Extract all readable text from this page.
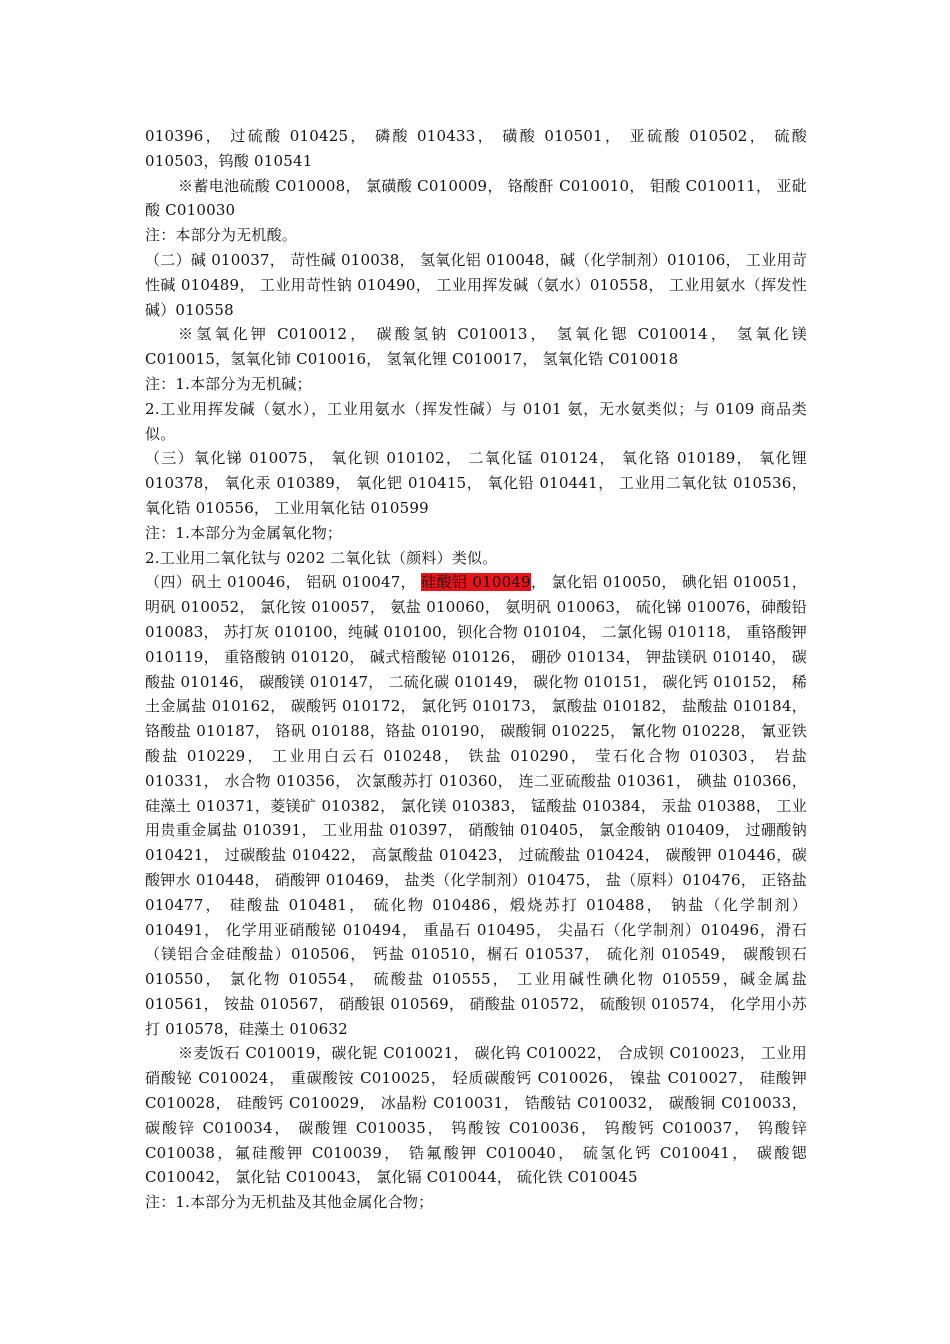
010396， 过硫酸 010425， 磷酸 010433， 磺酸 010501， 亚硫酸 010502， 硫酸 010503，钨酸 010541

※蓄电池硫酸 C010008， 氯磺酸 C010009， 铬酸酐 C010010， 钼酸 C010011， 亚砒酸 C010030

注：本部分为无机酸。

（二）碱 010037， 苛性碱 010038， 氢氧化铝 010048，碱（化学制剂）010106， 工业用苛性碱 010489， 工业用苛性钠 010490， 工业用挥发碱（氨水）010558， 工业用氨水（挥发性碱）010558

※氢氧化钾 C010012， 碳酸氢钠 C010013， 氢氧化锶 C010014， 氢氧化镁 C010015，氢氧化铈 C010016， 氢氧化锂 C010017， 氢氧化锆 C010018

注：1.本部分为无机碱；

2.工业用挥发碱（氨水），工业用氨水（挥发性碱）与 0101 氨，无水氨类似；与 0109 商品类似。

（三）氧化锑 010075， 氧化钡 010102， 二氧化锰 010124， 氧化铬 010189， 氧化锂 010378， 氧化汞 010389， 氧化钯 010415， 氧化铅 010441， 工业用二氧化钛 010536，氧化锆 010556， 工业用氧化钴 010599

注：1.本部分为金属氧化物；

2.工业用二氧化钛与 0202 二氧化钛（颜料）类似。

（四）矾土 010046， 铝矾 010047， 硅酸铝 010049， 氯化铝 010050， 碘化铝 010051， 明矾 010052， 氯化铵 010057， 氨盐 010060， 氨明矾 010063， 硫化锑 010076，砷酸铅 010083， 苏打灰 010100，纯碱 010100，钡化合物 010104， 二氯化锡 010118， 重铬酸钾 010119， 重铬酸钠 010120， 碱式棓酸铋 010126， 硼砂 010134， 钾盐镁矾 010140， 碳酸盐 010146， 碳酸镁 010147， 二硫化碳 010149， 碳化物 010151， 碳化钙 010152， 稀土金属盐 010162， 碳酸钙 010172， 氯化钙 010173， 氯酸盐 010182， 盐酸盐 010184，铬酸盐 010187， 铬矾 010188，铬盐 010190， 碳酸铜 010225， 氰化物 010228， 氰亚铁酸盐 010229， 工业用白云石 010248， 铁盐 010290， 莹石化合物 010303， 岩盐 010331， 水合物 010356， 次氯酸苏打 010360， 连二亚硫酸盐 010361， 碘盐 010366，硅藻土 010371，菱镁矿 010382， 氯化镁 010383， 锰酸盐 010384， 汞盐 010388， 工业用贵重金属盐 010391， 工业用盐 010397， 硝酸铀 010405， 氯金酸钠 010409， 过硼酸钠 010421， 过碳酸盐 010422， 高氯酸盐 010423， 过硫酸盐 010424， 碳酸钾 010446，碳酸钾水 010448， 硝酸钾 010469， 盐类（化学制剂）010475， 盐（原料）010476， 正铬盐 010477， 硅酸盐 010481， 硫化物 010486，煅烧苏打 010488， 钠盐（化学制剂）010491， 化学用亚硝酸铋 010494， 重晶石 010495， 尖晶石（化学制剂）010496，滑石（镁铝合金硅酸盐）010506， 钙盐 010510，榍石 010537， 硫化剂 010549， 碳酸钡石 010550， 氯化物 010554， 硫酸盐 010555， 工业用碱性碘化物 010559，碱金属盐 010561， 铵盐 010567， 硝酸银 010569， 硝酸盐 010572， 硫酸钡 010574， 化学用小苏打 010578，硅藻土 010632

※麦饭石 C010019，碳化铌 C010021， 碳化钨 C010022， 合成钡 C010023， 工业用硝酸铋 C010024， 重碳酸铵 C010025， 轻质碳酸钙 C010026， 镍盐 C010027， 硅酸钾 C010028， 硅酸钙 C010029， 冰晶粉 C010031， 锆酸钴 C010032， 碳酸铜 C010033， 碳酸锌 C010034， 碳酸锂 C010035， 钨酸铵 C010036， 钨酸钙 C010037， 钨酸锌 C010038，氟硅酸钾 C010039， 锆氟酸钾 C010040， 硫氢化钙 C010041， 碳酸锶 C010042， 氯化钴 C010043， 氯化镉 C010044， 硫化铁 C010045

注：1.本部分为无机盐及其他金属化合物；
